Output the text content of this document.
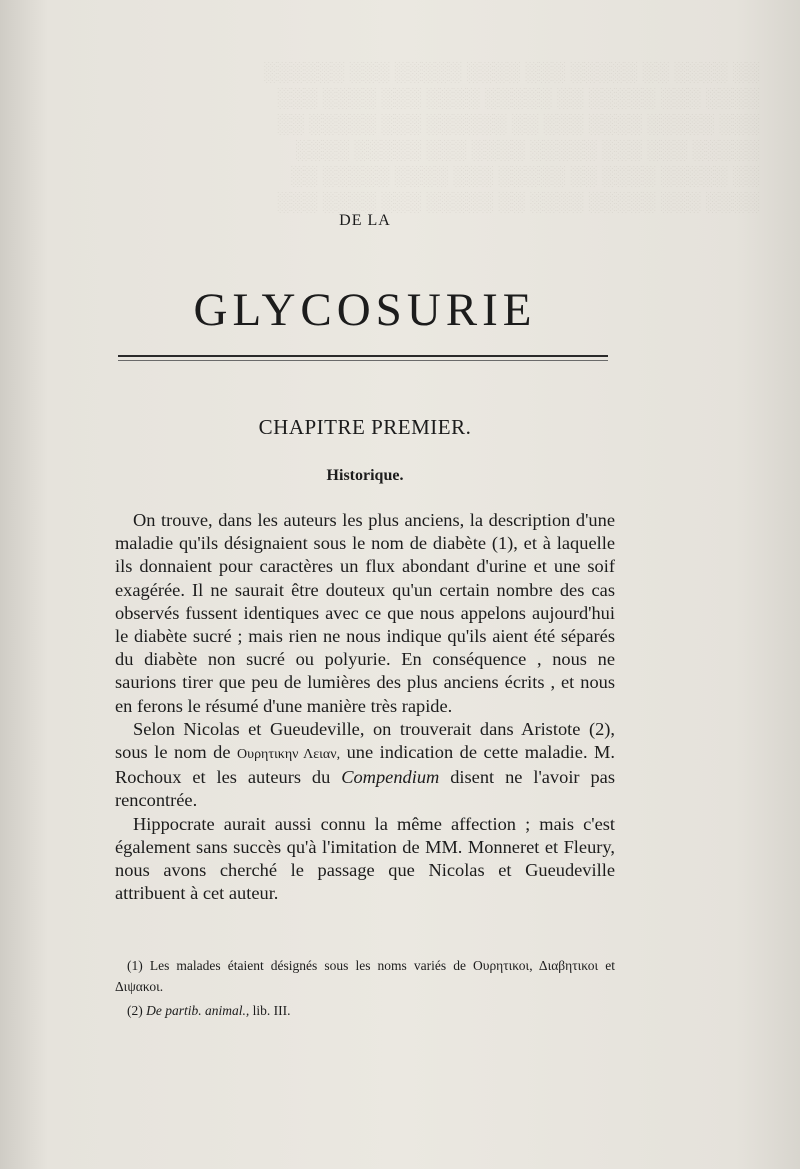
░░ ░░░░ ░░ ░░░░░ ░░░ ░░░░ ░░░░░ ░░░ ░░░░░░
░░░░ ░░░ ░░░░░ ░░ ░░░░░ ░░░░ ░░░ ░░░░ ░░░
░░░ ░░░░░ ░░░░ ░░░ ░░ ░░░░░░ ░░░ ░░░░░ ░░
░░░░░ ░░░ ░░░ ░░░░░ ░░░░ ░░░ ░░░░░ ░░░░
░░ ░░░░░ ░░░░ ░░ ░░░░░ ░░░ ░░░░ ░░░░░ ░░
░░░░ ░░░ ░░░░░ ░░░░ ░░ ░░░░░ ░░░ ░░░░ ░░░
DE LA
GLYCOSURIE
CHAPITRE PREMIER.
Historique.

On trouve, dans les auteurs les plus anciens, la description d'une maladie qu'ils désignaient sous le nom de diabète (1), et à laquelle ils donnaient pour caractères un flux abondant d'urine et une soif exagérée. Il ne saurait être douteux qu'un certain nombre des cas observés fussent identiques avec ce que nous appelons aujourd'hui le diabète sucré ; mais rien ne nous indique qu'ils aient été séparés du diabète non sucré ou polyurie. En conséquence , nous ne saurions tirer que peu de lumières des plus anciens écrits , et nous en ferons le résumé d'une manière très rapide.

Selon Nicolas et Gueudeville, on trouverait dans Aristote (2), sous le nom de Ουρητικην Λειαν, une indication de cette maladie. M. Rochoux et les auteurs du Compendium disent ne l'avoir pas rencontrée.

Hippocrate aurait aussi connu la même affection ; mais c'est également sans succès qu'à l'imitation de MM. Monneret et Fleury, nous avons cherché le passage que Nicolas et Gueudeville attribuent à cet auteur.

(1) Les malades étaient désignés sous les noms variés de Ουρητικοι, Διαβητικοι et Διψακοι.

(2) De partib. animal., lib. III.
